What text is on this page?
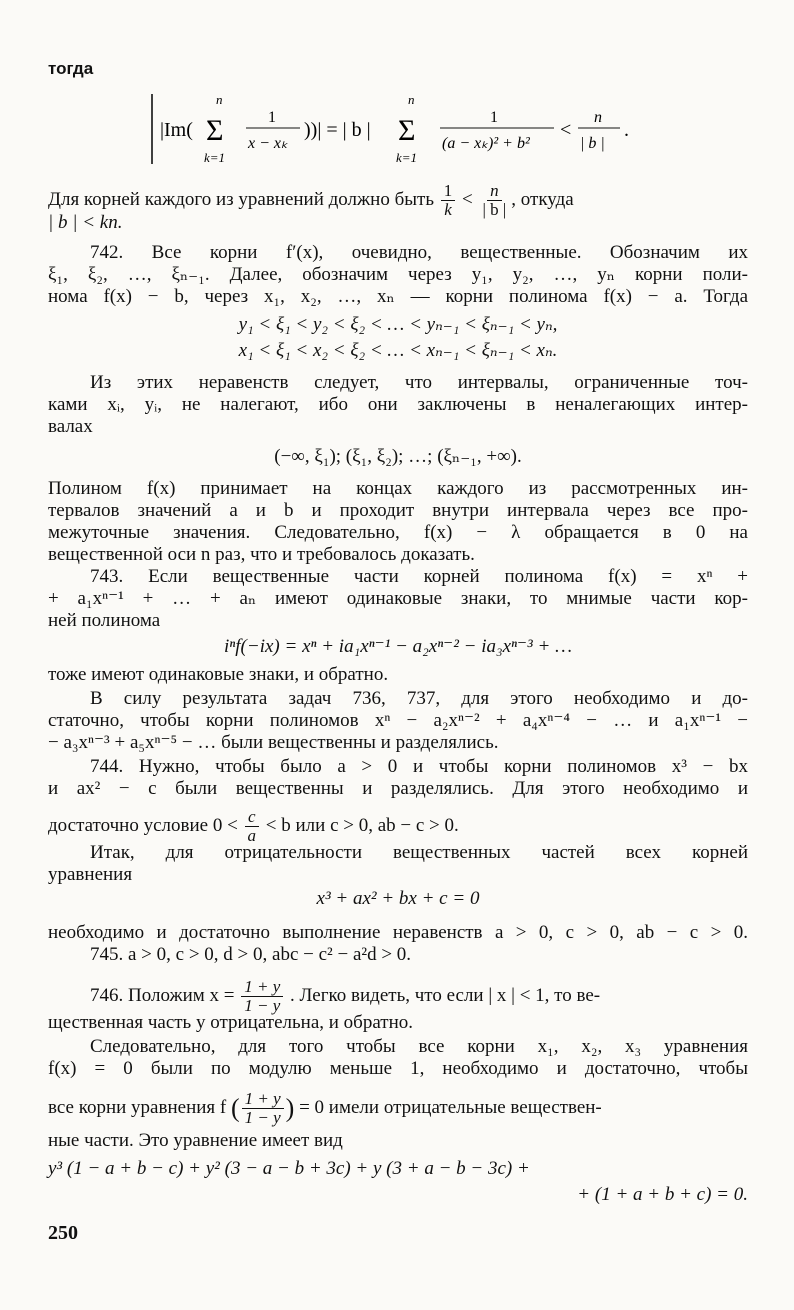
тогда
|Im( Σ
n
k=1
1
x − xₖ
))| = | b | Σ
n
k=1
1
(a − xₖ)² + b²
<
n
| b |
.
Для корней каждого из уравнений должно быть $\frac{1}{k} < \frac{n}{| b |}$ , откуда
| b | < kn.
742. Все корни f′(x), очевидно, вещественные. Обозначим их
ξ₁, ξ₂, …, ξₙ₋₁. Далее, обозначим через y₁, y₂, …, yₙ корни поли-
нома f(x) − b, через x₁, x₂, …, xₙ — корни полинома f(x) − a. Тогда
y₁ < ξ₁ < y₂ < ξ₂ < … < yₙ₋₁ < ξₙ₋₁ < yₙ,
x₁ < ξ₁ < x₂ < ξ₂ < … < xₙ₋₁ < ξₙ₋₁ < xₙ.
Из этих неравенств следует, что интервалы, ограниченные точ-
ками xᵢ, yᵢ, не налегают, ибо они заключены в неналегающих интер-
валах
(−∞, ξ₁); (ξ₁, ξ₂); …; (ξₙ₋₁, +∞).
Полином f(x) принимает на концах каждого из рассмотренных ин-
тервалов значений a и b и проходит внутри интервала через все про-
межуточные значения. Следовательно, f(x) − λ обращается в 0 на
вещественной оси n раз, что и требовалось доказать.
743. Если вещественные части корней полинома f(x) = xⁿ +
+ a₁xⁿ⁻¹ + … + aₙ имеют одинаковые знаки, то мнимые части кор-
ней полинома
iⁿf(−ix) = xⁿ + ia₁xⁿ⁻¹ − a₂xⁿ⁻² − ia₃xⁿ⁻³ + …
тоже имеют одинаковые знаки, и обратно.
В силу результата задач 736, 737, для этого необходимо и до-
статочно, чтобы корни полиномов xⁿ − a₂xⁿ⁻² + a₄xⁿ⁻⁴ − … и a₁xⁿ⁻¹ −
− a₃xⁿ⁻³ + a₅xⁿ⁻⁵ − … были вещественны и разделялись.
744. Нужно, чтобы было a > 0 и чтобы корни полиномов x³ − bx
и ax² − c были вещественны и разделялись. Для этого необходимо и
достаточно условие $0 < \frac{c}{a} < b$ или c > 0, ab − c > 0.
Итак, для отрицательности вещественных частей всех корней
уравнения
x³ + ax² + bx + c = 0
необходимо и достаточно выполнение неравенств a > 0, c > 0, ab − c > 0.
745. a > 0, c > 0, d > 0, abc − c² − a²d > 0.
746. Положим $x = \frac{1 + y}{1 - y}$ . Легко видеть, что если | x | < 1, то ве-
щественная часть y отрицательна, и обратно.
Следовательно, для того чтобы все корни x₁, x₂, x₃ уравнения
f(x) = 0 были по модулю меньше 1, необходимо и достаточно, чтобы
все корни уравнения f ( $\frac{1 + y}{1 - y}$ ) = 0 имели отрицательные веществен-
ные части. Это уравнение имеет вид
y³ (1 − a + b − c) + y² (3 − a − b + 3c) + y (3 + a − b − 3c) +
+ (1 + a + b + c) = 0.
250
